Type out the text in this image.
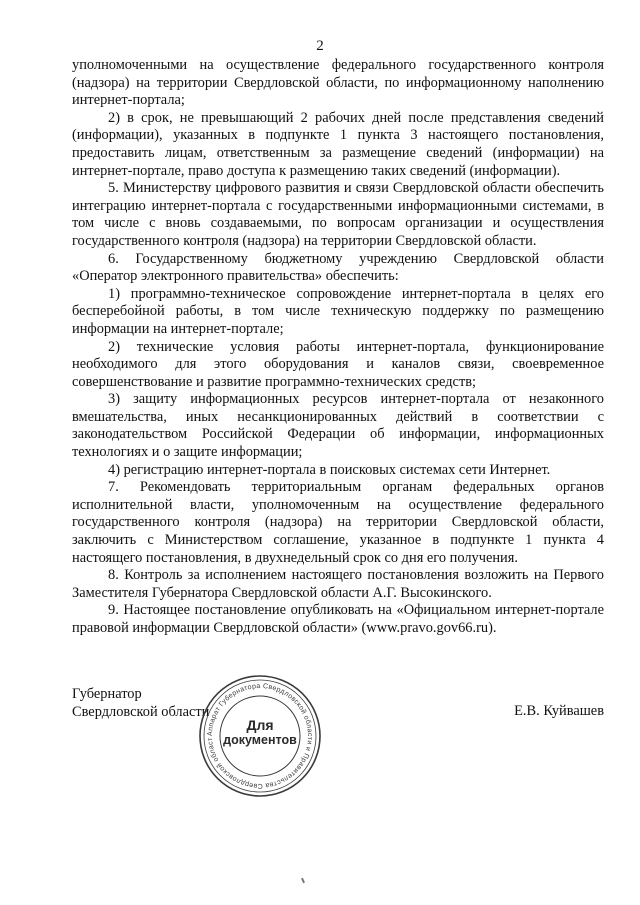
2

уполномоченными на осуществление федерального государственного контроля (надзора) на территории Свердловской области, по информационному наполнению интернет-портала;

2) в срок, не превышающий 2 рабочих дней после представления сведений (информации), указанных в подпункте 1 пункта 3 настоящего постановления, предоставить лицам, ответственным за размещение сведений (информации) на интернет-портале, право доступа к размещению таких сведений (информации).

5. Министерству цифрового развития и связи Свердловской области обеспечить интеграцию интернет-портала с государственными информационными системами, в том числе с вновь создаваемыми, по вопросам организации и осуществления государственного контроля (надзора) на территории Свердловской области.

6. Государственному бюджетному учреждению Свердловской области «Оператор электронного правительства» обеспечить:

1) программно-техническое сопровождение интернет-портала в целях его бесперебойной работы, в том числе техническую поддержку по размещению информации на интернет-портале;

2) технические условия работы интернет-портала, функционирование необходимого для этого оборудования и каналов связи, своевременное совершенствование и развитие программно-технических средств;

3) защиту информационных ресурсов интернет-портала от незаконного вмешательства, иных несанкционированных действий в соответствии с законодательством Российской Федерации об информации, информационных технологиях и о защите информации;

4) регистрацию интернет-портала в поисковых системах сети Интернет.

7. Рекомендовать территориальным органам федеральных органов исполнительной власти, уполномоченным на осуществление федерального государственного контроля (надзора) на территории Свердловской области, заключить с Министерством соглашение, указанное в подпункте 1 пункта 4 настоящего постановления, в двухнедельный срок со дня его получения.

8. Контроль за исполнением настоящего постановления возложить на Первого Заместителя Губернатора Свердловской области А.Г. Высокинского.

9. Настоящее постановление опубликовать на «Официальном интернет-портале правовой информации Свердловской области» (www.pravo.gov66.ru).

Губернатор
Свердловской области	Е.В. Куйвашев
Аппарат Губернатора Свердловской области и Правительства Свердловской област
Для
документов
